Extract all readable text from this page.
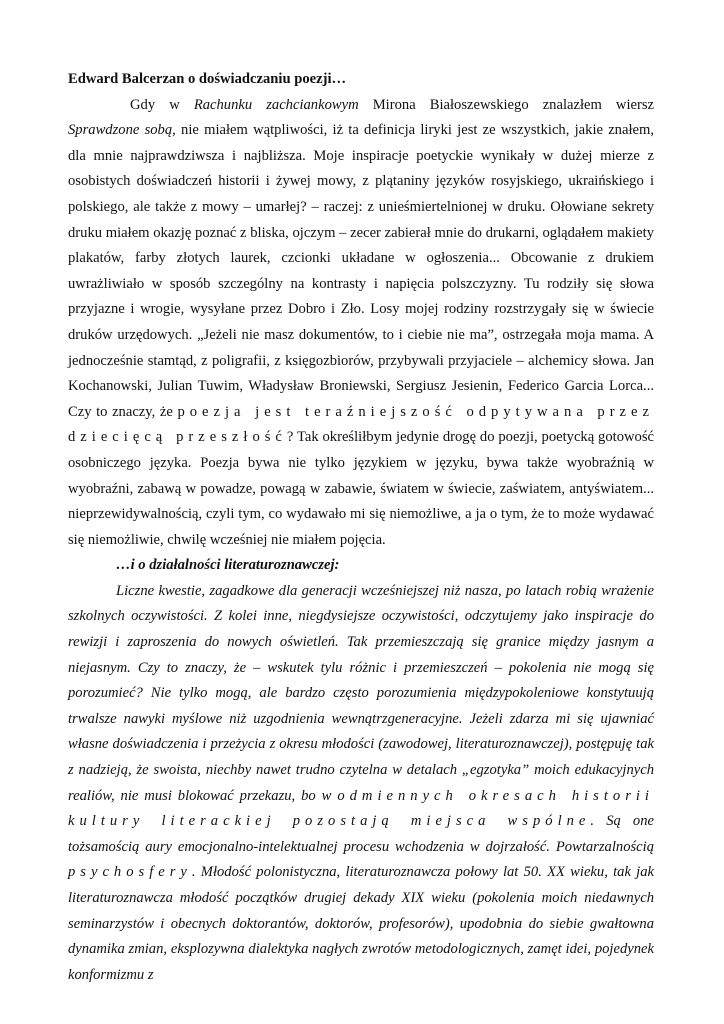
Edward Balcerzan o doświadczaniu poezji…

Gdy w Rachunku zachciankowym Mirona Białoszewskiego znalazłem wiersz Sprawdzone sobą, nie miałem wątpliwości, iż ta definicja liryki jest ze wszystkich, jakie znałem, dla mnie najprawdziwsza i najbliższa. Moje inspiracje poetyckie wynikały w dużej mierze z osobistych doświadczeń historii i żywej mowy, z plątaniny języków rosyjskiego, ukraińskiego i polskiego, ale także z mowy – umarłej? – raczej: z unieśmiertelnionej w druku. Ołowiane sekrety druku miałem okazję poznać z bliska, ojczym – zecer zabierał mnie do drukarni, oglądałem makiety plakatów, farby złotych laurek, czcionki układane w ogłoszenia... Obcowanie z drukiem uwrażliwiało w sposób szczególny na kontrasty i napięcia polszczyzny. Tu rodziły się słowa przyjazne i wrogie, wysyłane przez Dobro i Zło. Losy mojej rodziny rozstrzygały się w świecie druków urzędowych. „Jeżeli nie masz dokumentów, to i ciebie nie ma”, ostrzegała moja mama. A jednocześnie stamtąd, z poligrafii, z księgozbiorów, przybywali przyjaciele – alchemicy słowa. Jan Kochanowski, Julian Tuwim, Władysław Broniewski, Sergiusz Jesienin, Federico Garcia Lorca... Czy to znaczy, że poezja jest teraźniejszość odpytywana przez dziecięcą przeszłość? Tak określiłbym jedynie drogę do poezji, poetycką gotowość osobniczego języka. Poezja bywa nie tylko językiem w języku, bywa także wyobraźnią w wyobraźni, zabawą w powadze, powagą w zabawie, światem w świecie, zaświatem, antyświatem... nieprzewidywalnością, czyli tym, co wydawało mi się niemożliwe, a ja o tym, że to może wydawać się niemożliwie, chwilę wcześniej nie miałem pojęcia.

…i o działalności literaturoznawczej:

Liczne kwestie, zagadkowe dla generacji wcześniejszej niż nasza, po latach robią wrażenie szkolnych oczywistości. Z kolei inne, niegdysiejsze oczywistości, odczytujemy jako inspiracje do rewizji i zaproszenia do nowych oświetleń. Tak przemieszczają się granice między jasnym a niejasnym. Czy to znaczy, że – wskutek tylu różnic i przemieszczeń – pokolenia nie mogą się porozumieć? Nie tylko mogą, ale bardzo często porozumienia międzypokoleniowe konstytuują trwalsze nawyki myślowe niż uzgodnienia wewnątrzgeneracyjne. Jeżeli zdarza mi się ujawniać własne doświadczenia i przeżycia z okresu młodości (zawodowej, literaturoznawczej), postępuję tak z nadzieją, że swoista, niechby nawet trudno czytelna w detalach „egzotyka” moich edukacyjnych realiów, nie musi blokować przekazu, bo w odmiennych okresach historii kultury literackiej pozostają miejsca wspólne. Są one tożsamością aury emocjonalno-intelektualnej procesu wchodzenia w dojrzałość. Powtarzalnością psychosfery. Młodość polonistyczna, literaturoznawcza połowy lat 50. XX wieku, tak jak literaturoznawcza młodość początków drugiej dekady XIX wieku (pokolenia moich niedawnych seminarzystów i obecnych doktorantów, doktorów, profesorów), upodobnia do siebie gwałtowna dynamika zmian, eksplozywna dialektyka nagłych zwrotów metodologicznych, zamęt idei, pojedynek konformizmu z
